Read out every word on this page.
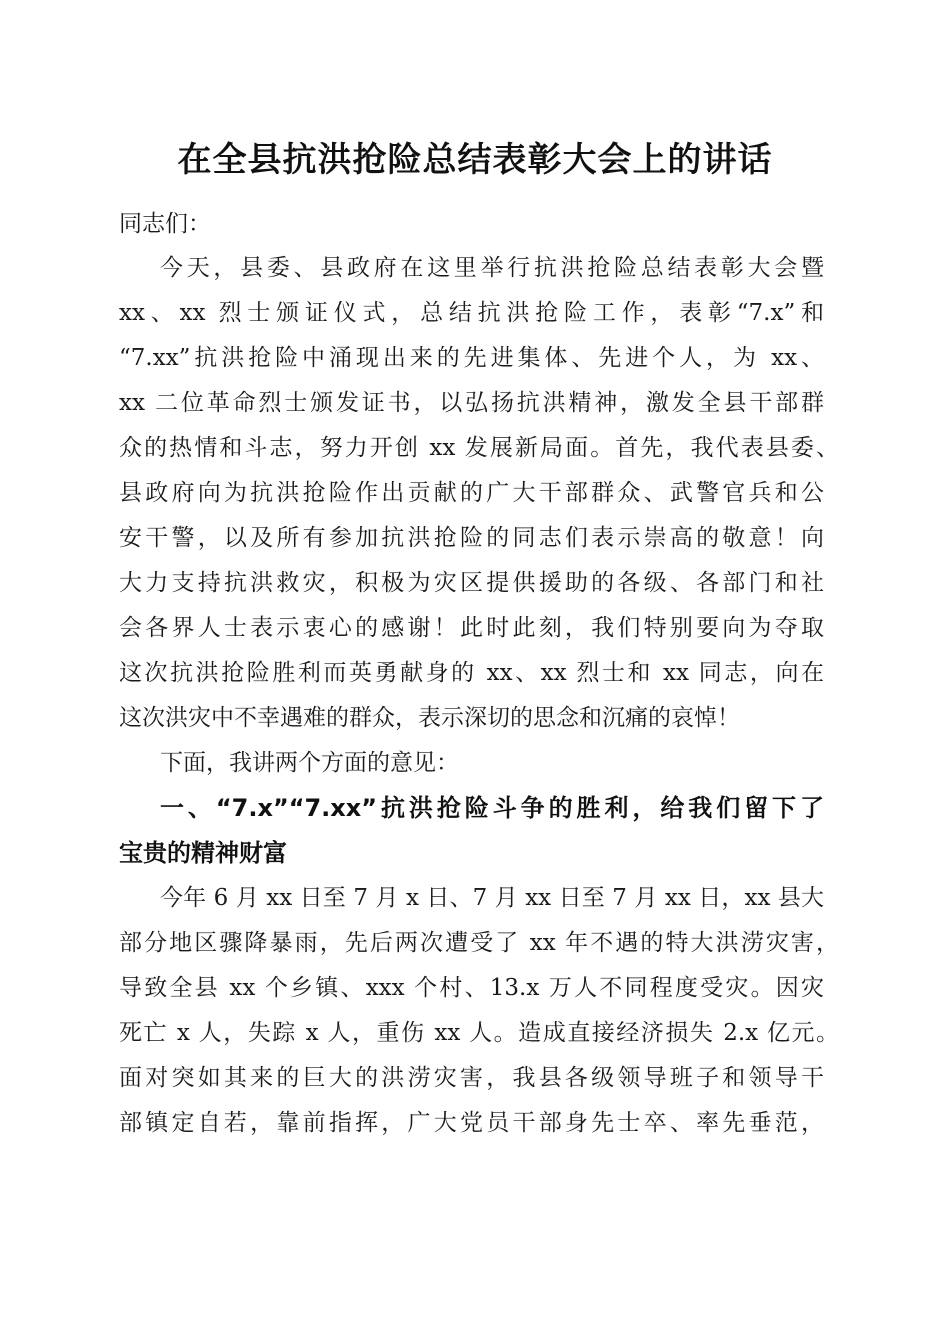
在全县抗洪抢险总结表彰大会上的讲话
同志们：
今天，县委、县政府在这里举行抗洪抢险总结表彰大会暨
xx、xx 烈士颁证仪式，总结抗洪抢险工作，表彰“7.x”和
“7.xx”抗洪抢险中涌现出来的先进集体、先进个人，为 xx、
xx 二位革命烈士颁发证书，以弘扬抗洪精神，激发全县干部群
众的热情和斗志，努力开创 xx 发展新局面。首先，我代表县委、
县政府向为抗洪抢险作出贡献的广大干部群众、武警官兵和公
安干警，以及所有参加抗洪抢险的同志们表示崇高的敬意！向
大力支持抗洪救灾，积极为灾区提供援助的各级、各部门和社
会各界人士表示衷心的感谢！此时此刻，我们特别要向为夺取
这次抗洪抢险胜利而英勇献身的 xx、xx 烈士和 xx 同志，向在
这次洪灾中不幸遇难的群众，表示深切的思念和沉痛的哀悼！
下面，我讲两个方面的意见：
一、“7.x”“7.xx”抗洪抢险斗争的胜利，给我们留下了
宝贵的精神财富
今年 6 月 xx 日至 7 月 x 日、7 月 xx 日至 7 月 xx 日，xx 县大
部分地区骤降暴雨，先后两次遭受了 xx 年不遇的特大洪涝灾害，
导致全县 xx 个乡镇、xxx 个村、13.x 万人不同程度受灾。因灾
死亡 x 人，失踪 x 人，重伤 xx 人。造成直接经济损失 2.x 亿元。
面对突如其来的巨大的洪涝灾害，我县各级领导班子和领导干
部镇定自若，靠前指挥，广大党员干部身先士卒、率先垂范，
